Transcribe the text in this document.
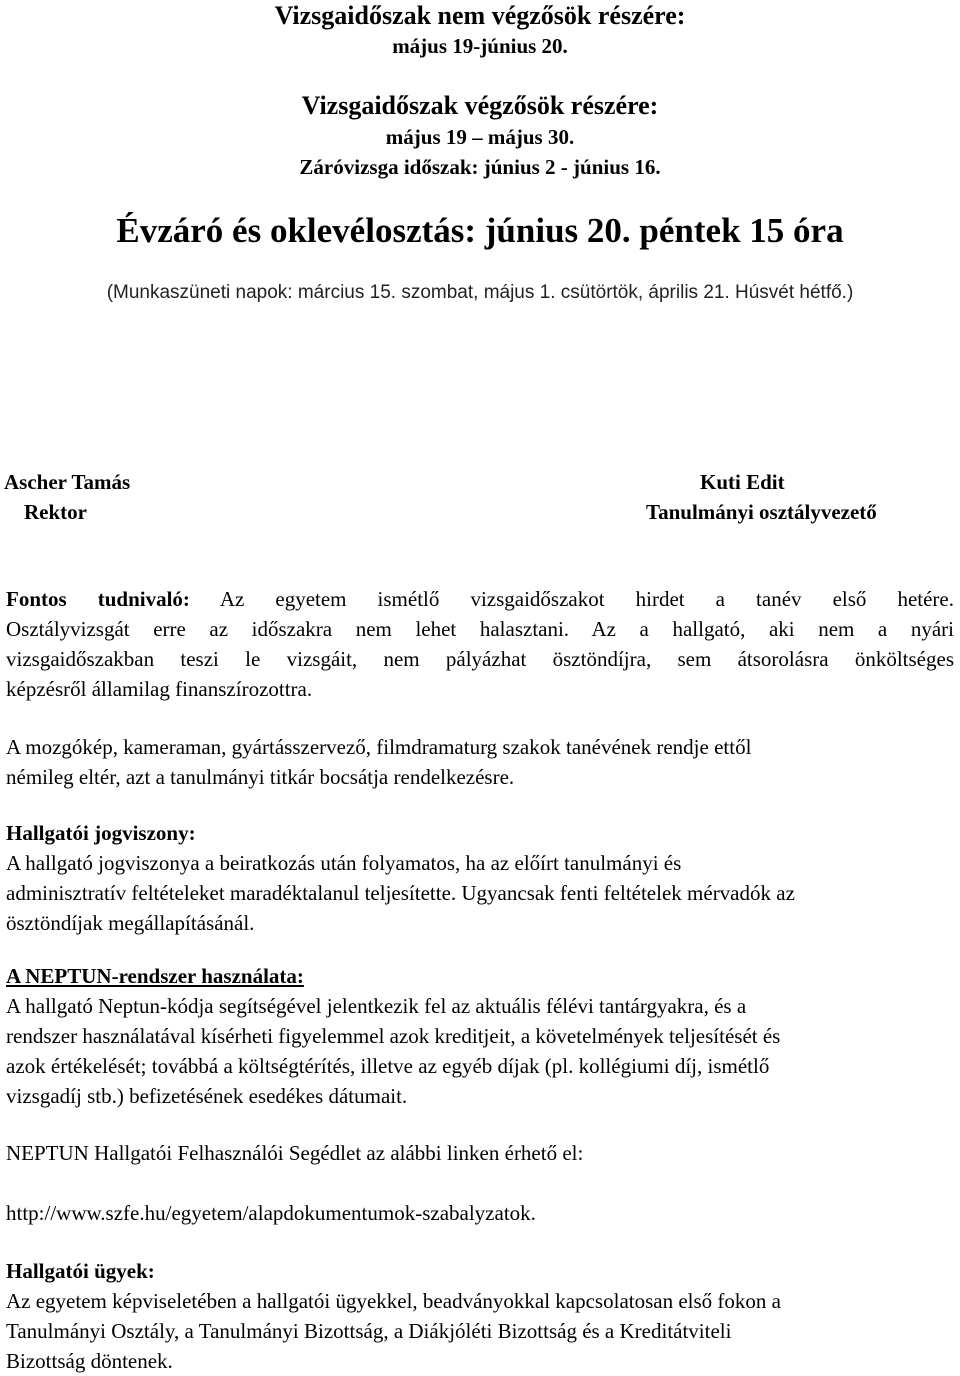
Vizsgaidőszak nem végzősök részére:
május 19-június 20.
Vizsgaidőszak végzősök részére:
május 19 – május 30.
Záróvizsga időszak: június 2 - június 16.
Évzáró és oklevélosztás: június 20. péntek 15 óra
(Munkaszüneti napok: március 15. szombat, május 1. csütörtök, április 21. Húsvét hétfő.)
Ascher Tamás
Rektor
Kuti Edit
Tanulmányi osztályvezető
Fontos tudnivaló: Az egyetem ismétlő vizsgaidőszakot hirdet a tanév első hetére.
Osztályvizsgát erre az időszakra nem lehet halasztani. Az a hallgató, aki nem a nyári
vizsgaidőszakban teszi le vizsgáit, nem pályázhat ösztöndíjra, sem átsorolásra önköltséges
képzésről államilag finanszírozottra.
A mozgókép, kameraman, gyártásszervező, filmdramaturg szakok tanévének rendje ettől
némileg eltér, azt a tanulmányi titkár bocsátja rendelkezésre.
Hallgatói jogviszony:
A hallgató jogviszonya a beiratkozás után folyamatos, ha az előírt tanulmányi és
adminisztratív feltételeket maradéktalanul teljesítette. Ugyancsak fenti feltételek mérvadók az
ösztöndíjak megállapításánál.
A NEPTUN-rendszer használata:
A hallgató Neptun-kódja segítségével jelentkezik fel az aktuális félévi tantárgyakra, és a
rendszer használatával kísérheti figyelemmel azok kreditjeit, a követelmények teljesítését és
azok értékelését; továbbá a költségtérítés, illetve az egyéb díjak (pl. kollégiumi díj, ismétlő
vizsgadíj stb.) befizetésének esedékes dátumait.
NEPTUN Hallgatói Felhasználói Segédlet az alábbi linken érhető el:
http://www.szfe.hu/egyetem/alapdokumentumok-szabalyzatok.
Hallgatói ügyek:
Az egyetem képviseletében a hallgatói ügyekkel, beadványokkal kapcsolatosan első fokon a
Tanulmányi Osztály, a Tanulmányi Bizottság, a Diákjóléti Bizottság és a Kreditátviteli
Bizottság döntenek.
